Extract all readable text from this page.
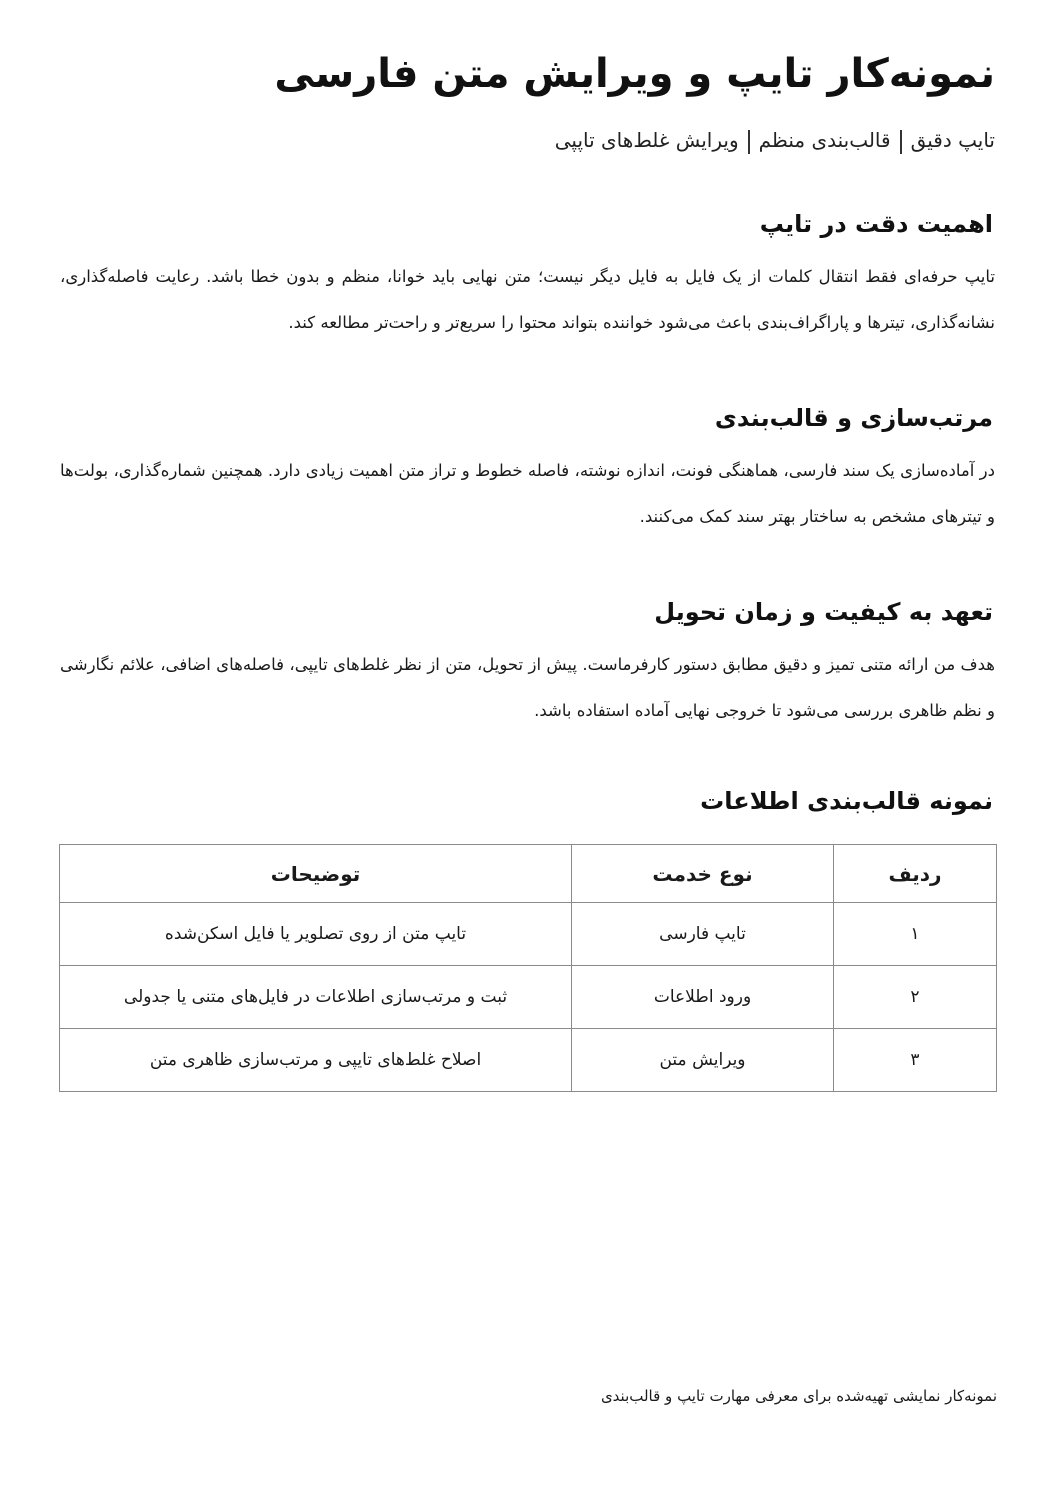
نمونه‌کار تایپ و ویرایش متن فارسی
تایپ دقیققالب‌بندی منظمویرایش غلط‌های تاپپی
اهمیت دقت در تایپ

تایپ حرفه‌ای فقط انتقال کلمات از یک فایل به فایل دیگر نیست؛ متن نهایی باید خوانا، منظم و بدون خطا باشد. رعایت فاصله‌گذاری، نشانه‌گذاری، تیترها و پاراگراف‌بندی باعث می‌شود خواننده بتواند محتوا را سریع‌تر و راحت‌تر مطالعه کند.

مرتب‌سازی و قالب‌بندی

در آماده‌سازی یک سند فارسی، هماهنگی فونت، اندازه نوشته، فاصله خطوط و تراز متن اهمیت زیادی دارد. همچنین شماره‌گذاری، بولت‌ها و تیترهای مشخص به ساختار بهتر سند کمک می‌کنند.

تعهد به کیفیت و زمان تحویل

هدف من ارائه متنی تمیز و دقیق مطابق دستور کارفرماست. پیش از تحویل، متن از نظر غلط‌های تایپی، فاصله‌های اضافی، علائم نگارشی و نظم ظاهری بررسی می‌شود تا خروجی نهایی آماده استفاده باشد.

نمونه قالب‌بندی اطلاعات
ردیف	نوع خدمت	توضیحات
۱	تایپ فارسی	تایپ متن از روی تصلویر یا فایل اسکن‌شده
۲	ورود اطلاعات	ثبت و مرتب‌سازی اطلاعات در فایل‌های متنی یا جدولی
۳	ویرایش متن	اصلاح غلط‌های تایپی و مرتب‌سازی ظاهری متن
نمونه‌کار نمایشی تهیه‌شده برای معرفی مهارت تایپ و قالب‌بندی
